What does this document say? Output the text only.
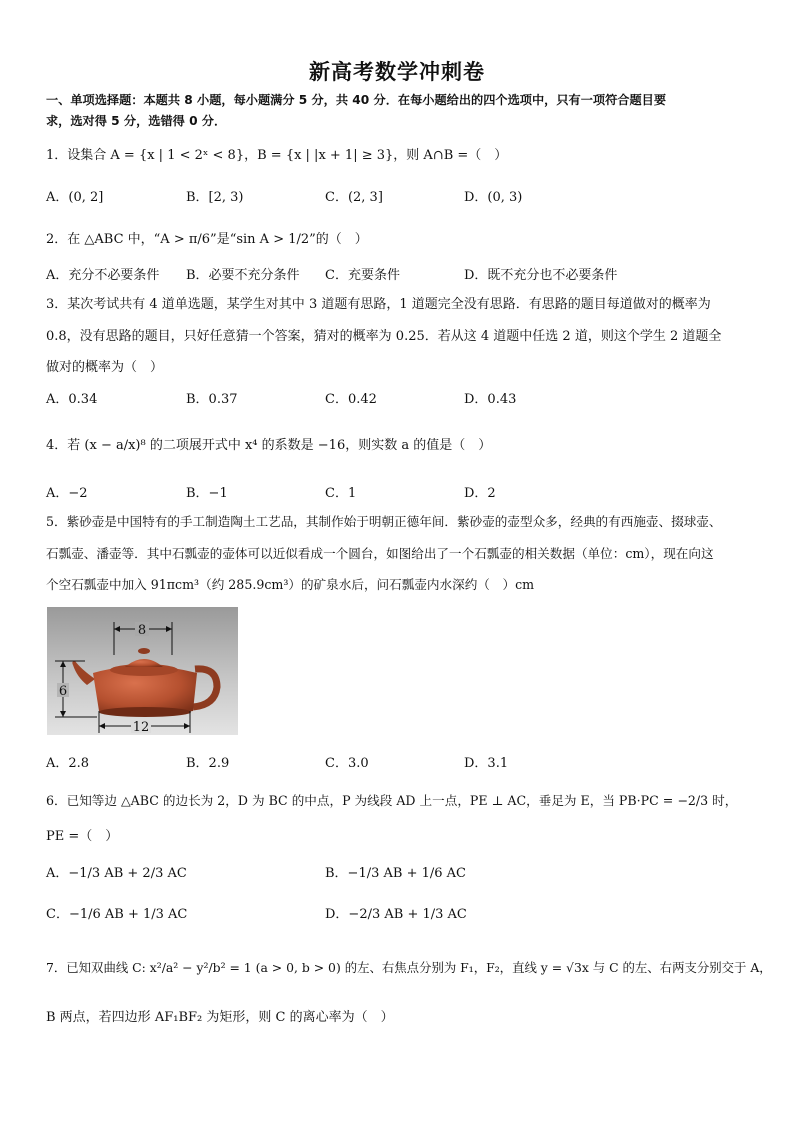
新高考数学冲刺卷
一、单项选择题：本题共 8 小题，每小题满分 5 分，共 40 分．在每小题给出的四个选项中，只有一项符合题目要
求，选对得 5 分，选错得 0 分．
1．设集合 A = {x | 1 < 2ˣ < 8}，B = {x | |x + 1| ≥ 3}，则 A∩B =（　）
A．(0, 2]	B．[2, 3)	C．(2, 3]	D．(0, 3)
2．在 △ABC 中，“A > π/6”是“sin A > 1/2”的（　）
A．充分不必要条件 B．必要不充分条件 C．充要条件	D．既不充分也不必要条件
3．某次考试共有 4 道单选题，某学生对其中 3 道题有思路，1 道题完全没有思路．有思路的题目每道做对的概率为
0.8，没有思路的题目，只好任意猜一个答案，猜对的概率为 0.25．若从这 4 道题中任选 2 道，则这个学生 2 道题全
做对的概率为（　）
A．0.34	B．0.37	C．0.42	D．0.43
4．若 (x − a/x)⁸ 的二项展开式中 x⁴ 的系数是 −16，则实数 a 的值是（　）
A．−2	B．−1	C．1	D．2
5．紫砂壶是中国特有的手工制造陶土工艺品，其制作始于明朝正德年间．紫砂壶的壶型众多，经典的有西施壶、掇球壶、
石瓢壶、潘壶等．其中石瓢壶的壶体可以近似看成一个圆台，如图给出了一个石瓢壶的相关数据（单位：cm），现在向这
个空石瓢壶中加入 91πcm³（约 285.9cm³）的矿泉水后，问石瓢壶内水深约（　）cm
8
6
12
A．2.8	B．2.9	C．3.0	D．3.1
6．已知等边 △ABC 的边长为 2，D 为 BC 的中点，P 为线段 AD 上一点，PE ⊥ AC，垂足为 E，当 PB·PC = −2/3 时，
PE =（　）
A．−1/3 AB + 2/3 AC	B．−1/3 AB + 1/6 AC
C．−1/6 AB + 1/3 AC	D．−2/3 AB + 1/3 AC
7．已知双曲线 C: x²/a² − y²/b² = 1 (a > 0, b > 0) 的左、右焦点分别为 F₁，F₂，直线 y = √3x 与 C 的左、右两支分别交于 A，
B 两点，若四边形 AF₁BF₂ 为矩形，则 C 的离心率为（　）
